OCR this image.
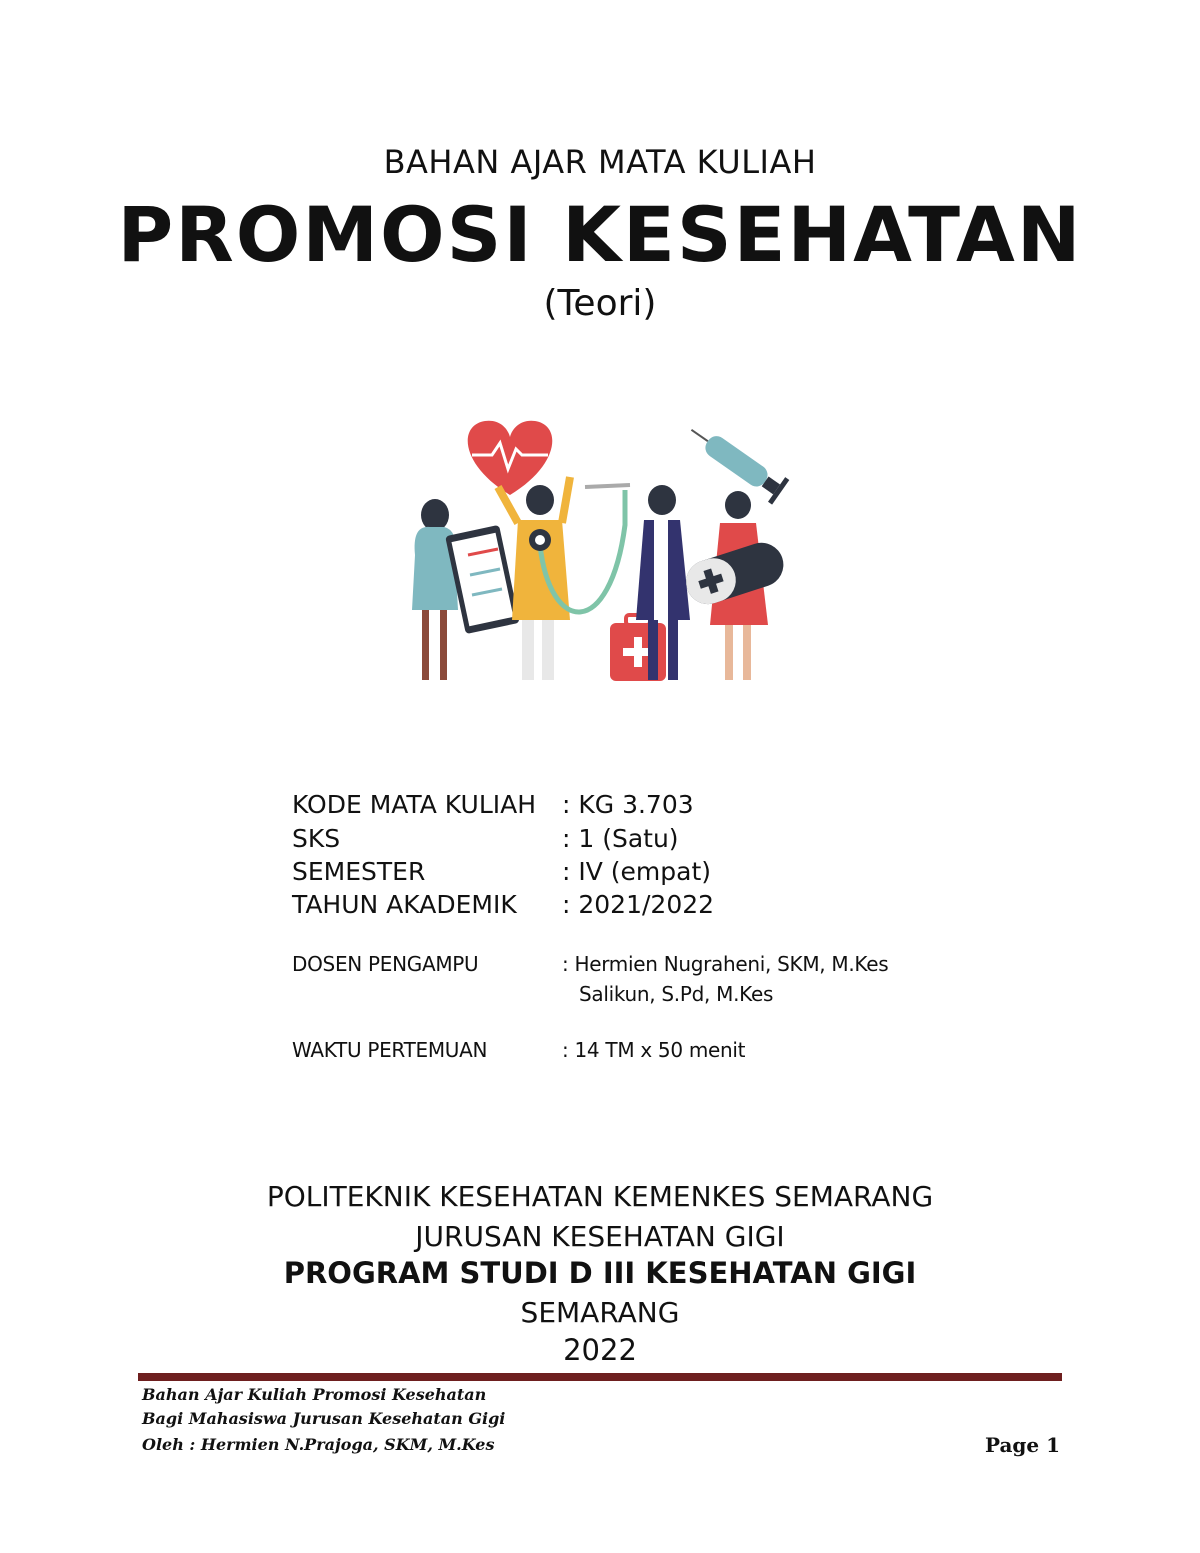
BAHAN AJAR MATA KULIAH
PROMOSI KESEHATAN
(Teori)
KODE MATA KULIAH : KG 3.703
SKS	: 1 (Satu)
SEMESTER	: IV (empat)
TAHUN AKADEMIK : 2021/2022
DOSEN PENGAMPU	: Hermien Nugraheni, SKM, M.Kes
Salikun, S.Pd, M.Kes
WAKTU PERTEMUAN	: 14 TM x 50 menit
POLITEKNIK KESEHATAN KEMENKES SEMARANG
JURUSAN KESEHATAN GIGI
PROGRAM STUDI D III KESEHATAN GIGI
SEMARANG
2022
Bahan Ajar Kuliah Promosi Kesehatan
Bagi Mahasiswa Jurusan Kesehatan Gigi
Oleh : Hermien N.Prajoga, SKM, M.Kes	Page 1
